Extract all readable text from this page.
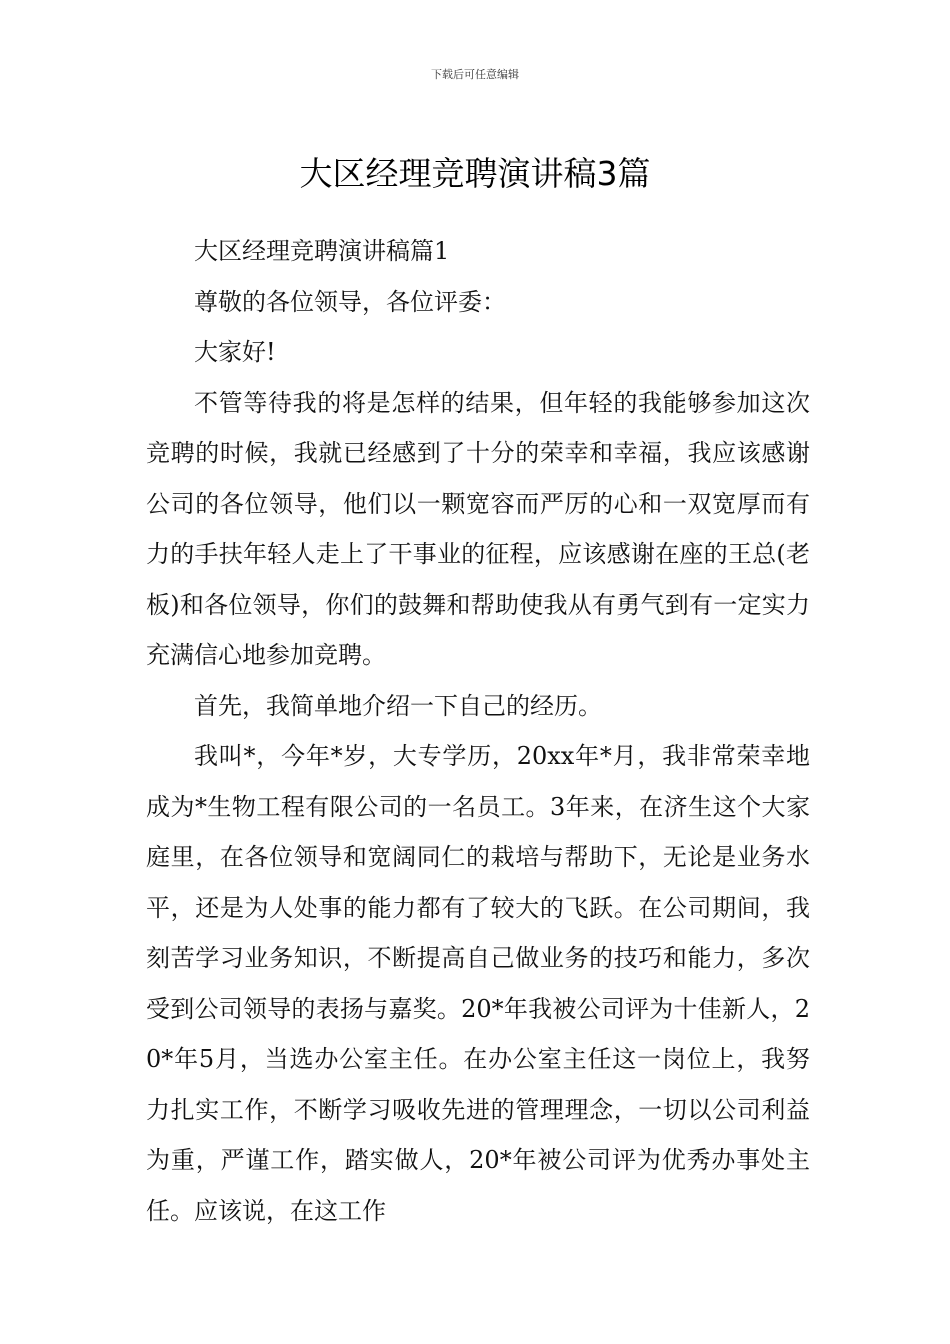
下载后可任意编辑
大区经理竞聘演讲稿3篇

大区经理竞聘演讲稿篇1

尊敬的各位领导，各位评委：

大家好!

不管等待我的将是怎样的结果，但年轻的我能够参加这次竞聘的时候，我就已经感到了十分的荣幸和幸福，我应该感谢公司的各位领导，他们以一颗宽容而严厉的心和一双宽厚而有力的手扶年轻人走上了干事业的征程，应该感谢在座的王总(老板)和各位领导，你们的鼓舞和帮助使我从有勇气到有一定实力充满信心地参加竞聘。

首先，我简单地介绍一下自己的经历。

我叫*，今年*岁，大专学历，20xx年*月，我非常荣幸地成为*生物工程有限公司的一名员工。3年来，在济生这个大家庭里，在各位领导和宽阔同仁的栽培与帮助下，无论是业务水平，还是为人处事的能力都有了较大的飞跃。在公司期间，我刻苦学习业务知识，不断提高自己做业务的技巧和能力，多次受到公司领导的表扬与嘉奖。20*年我被公司评为十佳新人，20*年5月，当选办公室主任。在办公室主任这一岗位上，我努力扎实工作，不断学习吸收先进的管理理念，一切以公司利益为重，严谨工作，踏实做人，20*年被公司评为优秀办事处主任。应该说，在这工作
